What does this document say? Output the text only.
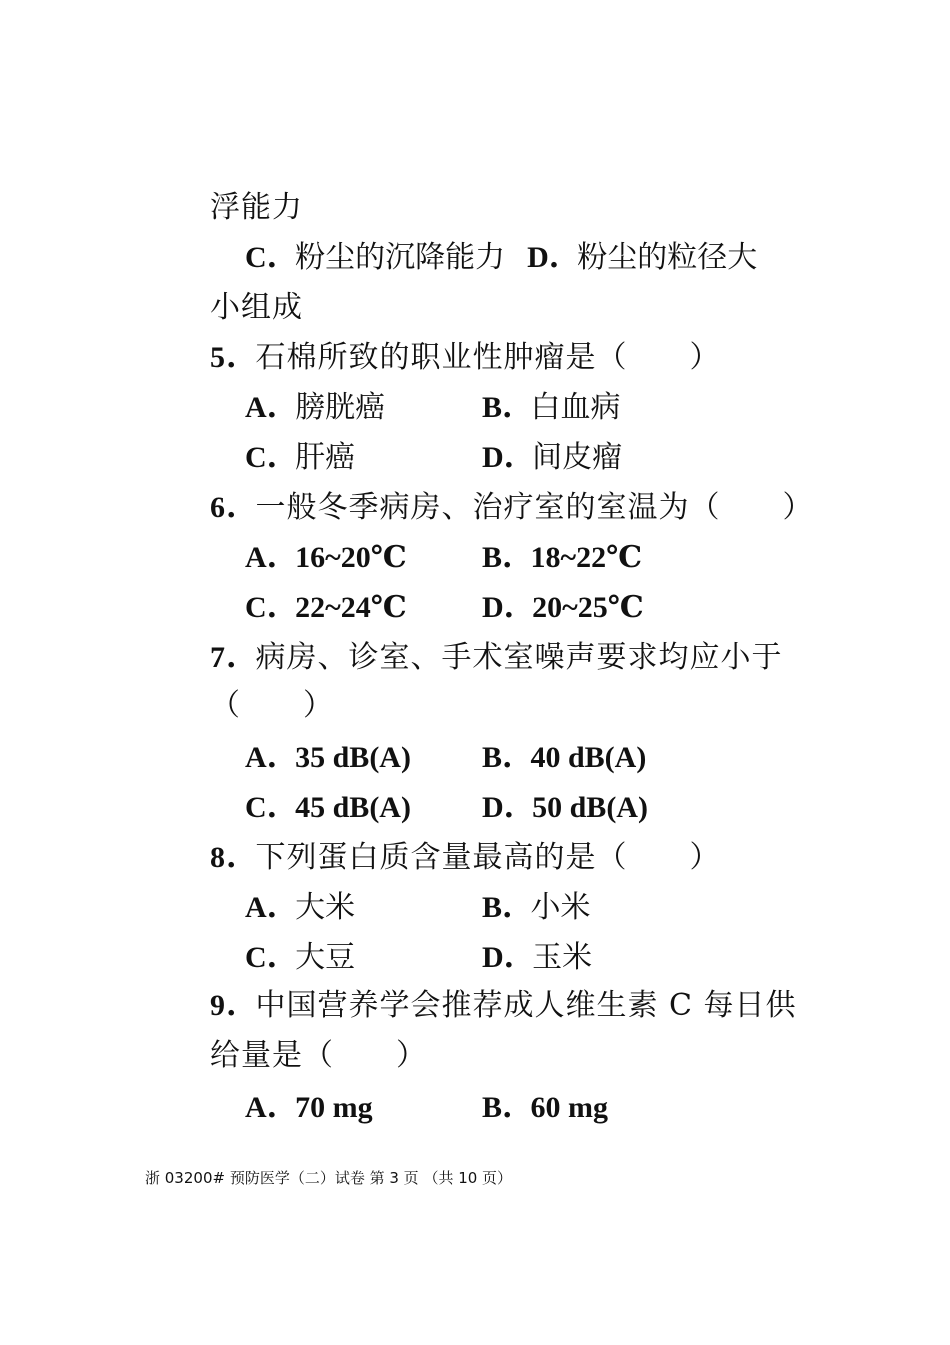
浮能力
C . 粉尘的沉降能力 D . 粉尘的粒径大
小组成
5. 石棉所致的职业性肿瘤是（　　）
A . 膀胱癌	B . 白血病
C . 肝癌	D . 间皮瘤
6. 一般冬季病房、治疗室的室温为（　　）
A . 16~20℃	B . 18~22℃
C . 22~24℃	D . 20~25℃
7. 病房、诊室、手术室噪声要求均应小于
（　　）
A . 35 dB(A) B . 40 dB(A)
C . 45 dB(A) D . 50 dB(A)
8. 下列蛋白质含量最高的是（　　）
A . 大米	B . 小米
C . 大豆	D . 玉米
9. 中国营养学会推荐成人维生素 C 每日供
给量是（　　）
A . 70 mg	B . 60 mg
浙 03200# 预防医学（二）试卷 第 3 页 （共 10 页）
